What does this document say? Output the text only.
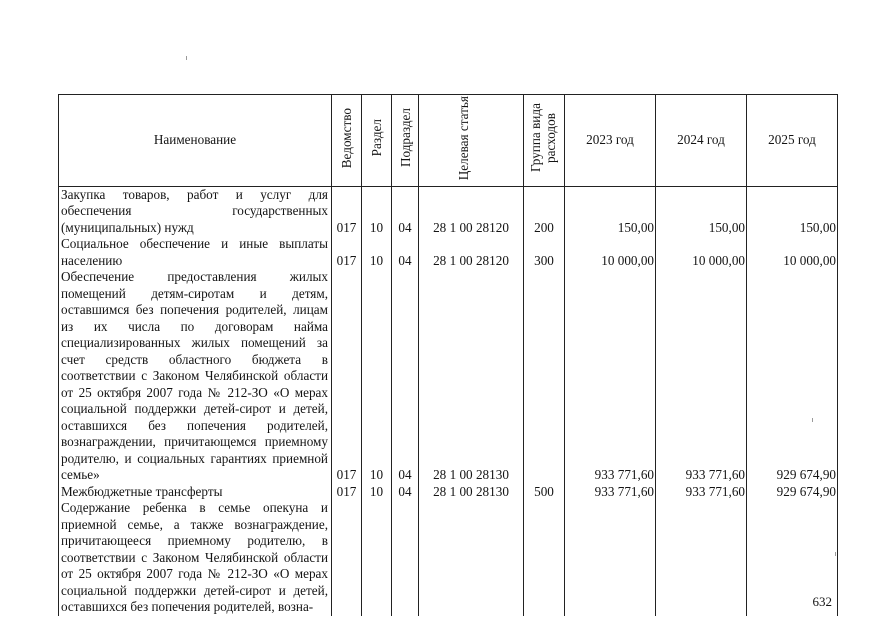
Наименование	Ведомство	Раздел	Подраздел	Целевая статья	Группа вида расходов	2023 год	2024 год	2025 год
Закупка товаров, работ и услуг для обеспечения государственных (муниципальных) нужд	017	10	04	28 1 00 28120	200	150,00	150,00	150,00
Социальное обеспечение и иные выплаты населению	017	10	04	28 1 00 28120	300	10 000,00	10 000,00	10 000,00
Обеспечение предоставления жилых помещений детям-сиротам и детям, оставшимся без попечения родителей, лицам из их числа по договорам найма специализированных жилых помещений за счет средств областного бюджета в соответствии с Законом Челябинской области от 25 октября 2007 года № 212-ЗО «О мерах социальной поддержки детей-сирот и детей, оставшихся без попечения родителей, вознаграждении, причитающемся приемному родителю, и социальных гарантиях приемной семье»	017	10	04	28 1 00 28130		933 771,60	933 771,60	929 674,90
Межбюджетные трансферты	017	10	04	28 1 00 28130	500	933 771,60	933 771,60	929 674,90
Содержание ребенка в семье опекуна и приемной семье, а также вознаграждение, причитающееся приемному родителю, в соответствии с Законом Челябинской области от 25 октября 2007 года № 212-ЗО «О мерах социальной поддержки детей-сирот и детей, оставшихся без попечения родителей, возна-									632
